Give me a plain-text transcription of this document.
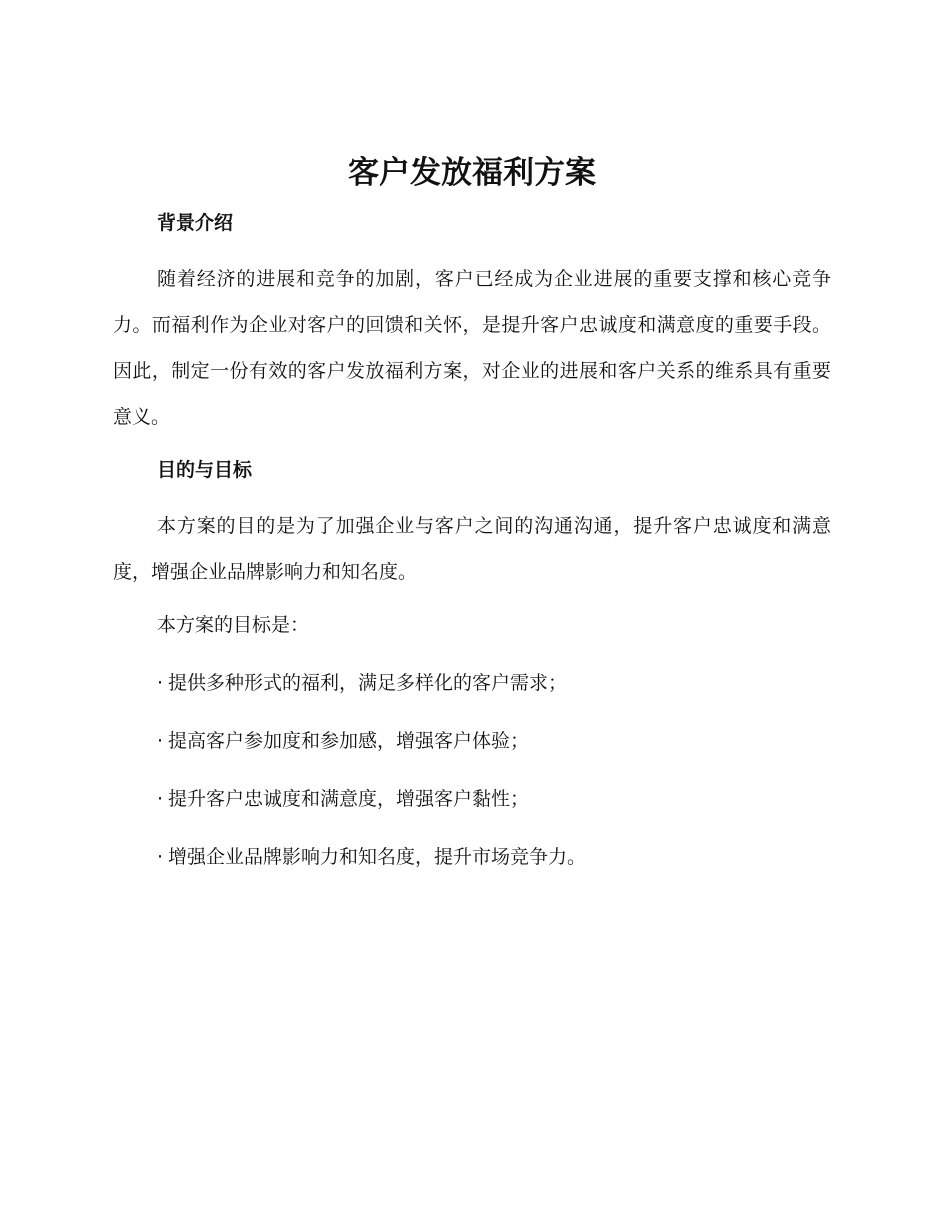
客户发放福利方案
背景介绍

随着经济的进展和竞争的加剧，客户已经成为企业进展的重要支撑和核心竞争力。而福利作为企业对客户的回馈和关怀，是提升客户忠诚度和满意度的重要手段。因此，制定一份有效的客户发放福利方案，对企业的进展和客户关系的维系具有重要意义。

目的与目标

本方案的目的是为了加强企业与客户之间的沟通沟通，提升客户忠诚度和满意度，增强企业品牌影响力和知名度。

本方案的目标是：

· 提供多种形式的福利，满足多样化的客户需求；
· 提高客户参加度和参加感，增强客户体验；
· 提升客户忠诚度和满意度，增强客户黏性；
· 增强企业品牌影响力和知名度，提升市场竞争力。
